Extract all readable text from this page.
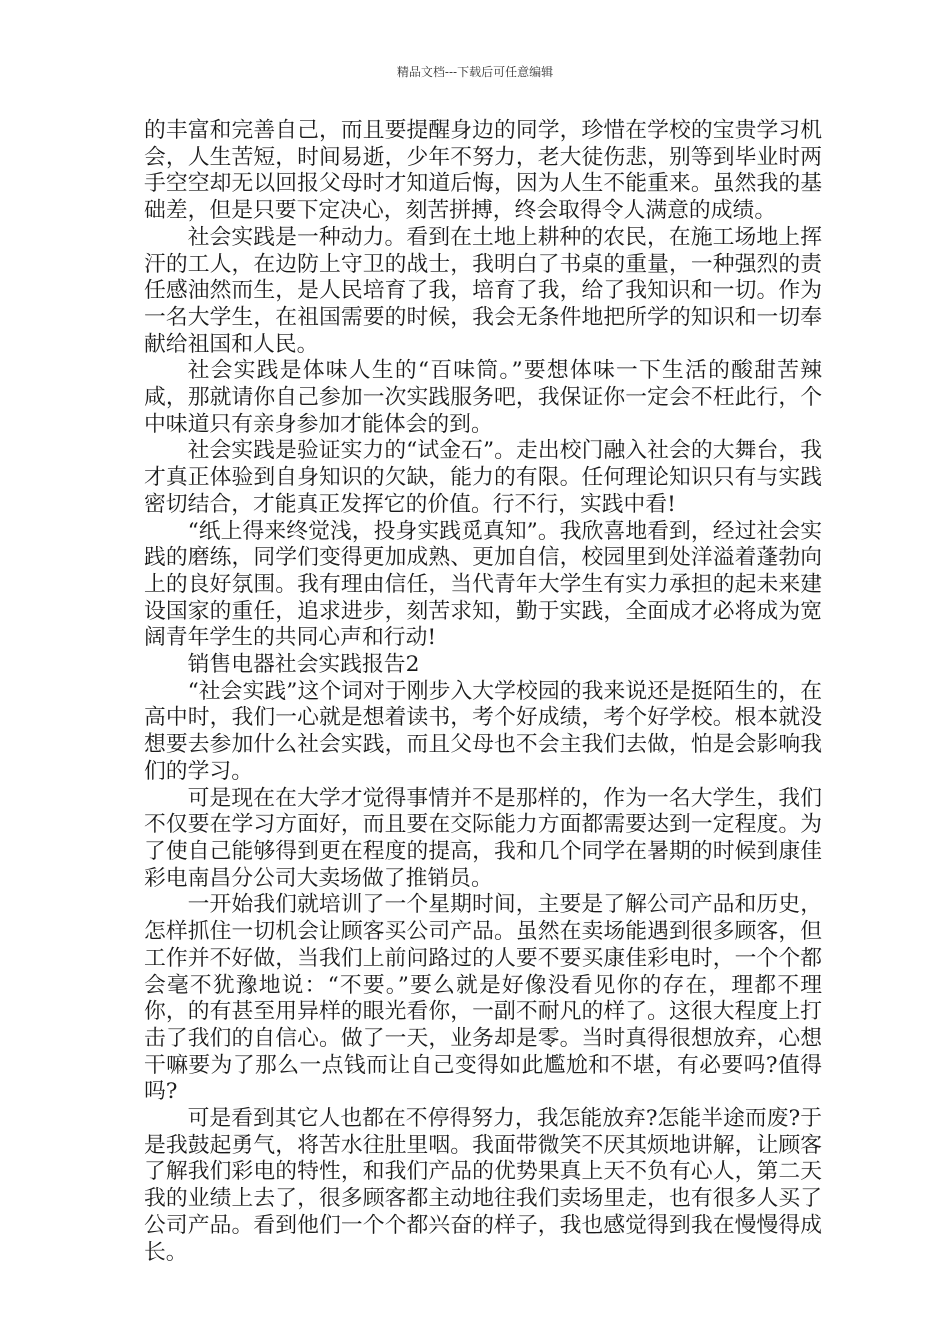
精品文档---下载后可任意编辑

的丰富和完善自己，而且要提醒身边的同学，珍惜在学校的宝贵学习机会，人生苦短，时间易逝，少年不努力，老大徒伤悲，别等到毕业时两手空空却无以回报父母时才知道后悔，因为人生不能重来。虽然我的基础差，但是只要下定决心，刻苦拼搏，终会取得令人满意的成绩。

社会实践是一种动力。看到在土地上耕种的农民，在施工场地上挥汗的工人，在边防上守卫的战士，我明白了书桌的重量，一种强烈的责任感油然而生，是人民培育了我，培育了我，给了我知识和一切。作为一名大学生，在祖国需要的时候，我会无条件地把所学的知识和一切奉献给祖国和人民。

社会实践是体味人生的“百味筒。”要想体味一下生活的酸甜苦辣咸，那就请你自己参加一次实践服务吧，我保证你一定会不枉此行，个中味道只有亲身参加才能体会的到。

社会实践是验证实力的“试金石”。走出校门融入社会的大舞台，我才真正体验到自身知识的欠缺，能力的有限。任何理论知识只有与实践密切结合，才能真正发挥它的价值。行不行，实践中看!

“纸上得来终觉浅，投身实践觅真知”。我欣喜地看到，经过社会实践的磨练，同学们变得更加成熟、更加自信，校园里到处洋溢着蓬勃向上的良好氛围。我有理由信任，当代青年大学生有实力承担的起未来建设国家的重任，追求进步，刻苦求知，勤于实践，全面成才必将成为宽阔青年学生的共同心声和行动!

销售电器社会实践报告2

“社会实践”这个词对于刚步入大学校园的我来说还是挺陌生的，在高中时，我们一心就是想着读书，考个好成绩，考个好学校。根本就没想要去参加什么社会实践，而且父母也不会主我们去做，怕是会影响我们的学习。

可是现在在大学才觉得事情并不是那样的，作为一名大学生，我们不仅要在学习方面好，而且要在交际能力方面都需要达到一定程度。为了使自己能够得到更在程度的提高，我和几个同学在暑期的时候到康佳彩电南昌分公司大卖场做了推销员。

一开始我们就培训了一个星期时间，主要是了解公司产品和历史，怎样抓住一切机会让顾客买公司产品。虽然在卖场能遇到很多顾客，但工作并不好做，当我们上前问路过的人要不要买康佳彩电时，一个个都会毫不犹豫地说：“不要。”要么就是好像没看见你的存在，理都不理你，的有甚至用异样的眼光看你，一副不耐凡的样了。这很大程度上打击了我们的自信心。做了一天，业务却是零。当时真得很想放弃，心想干嘛要为了那么一点钱而让自己变得如此尷尬和不堪，有必要吗?值得吗?

可是看到其它人也都在不停得努力，我怎能放弃?怎能半途而废?于是我鼓起勇气，将苦水往肚里咽。我面带微笑不厌其烦地讲解，让顾客了解我们彩电的特性，和我们产品的优势果真上天不负有心人，第二天我的业绩上去了，很多顾客都主动地往我们卖场里走，也有很多人买了公司产品。看到他们一个个都兴奋的样子，我也感觉得到我在慢慢得成长。
